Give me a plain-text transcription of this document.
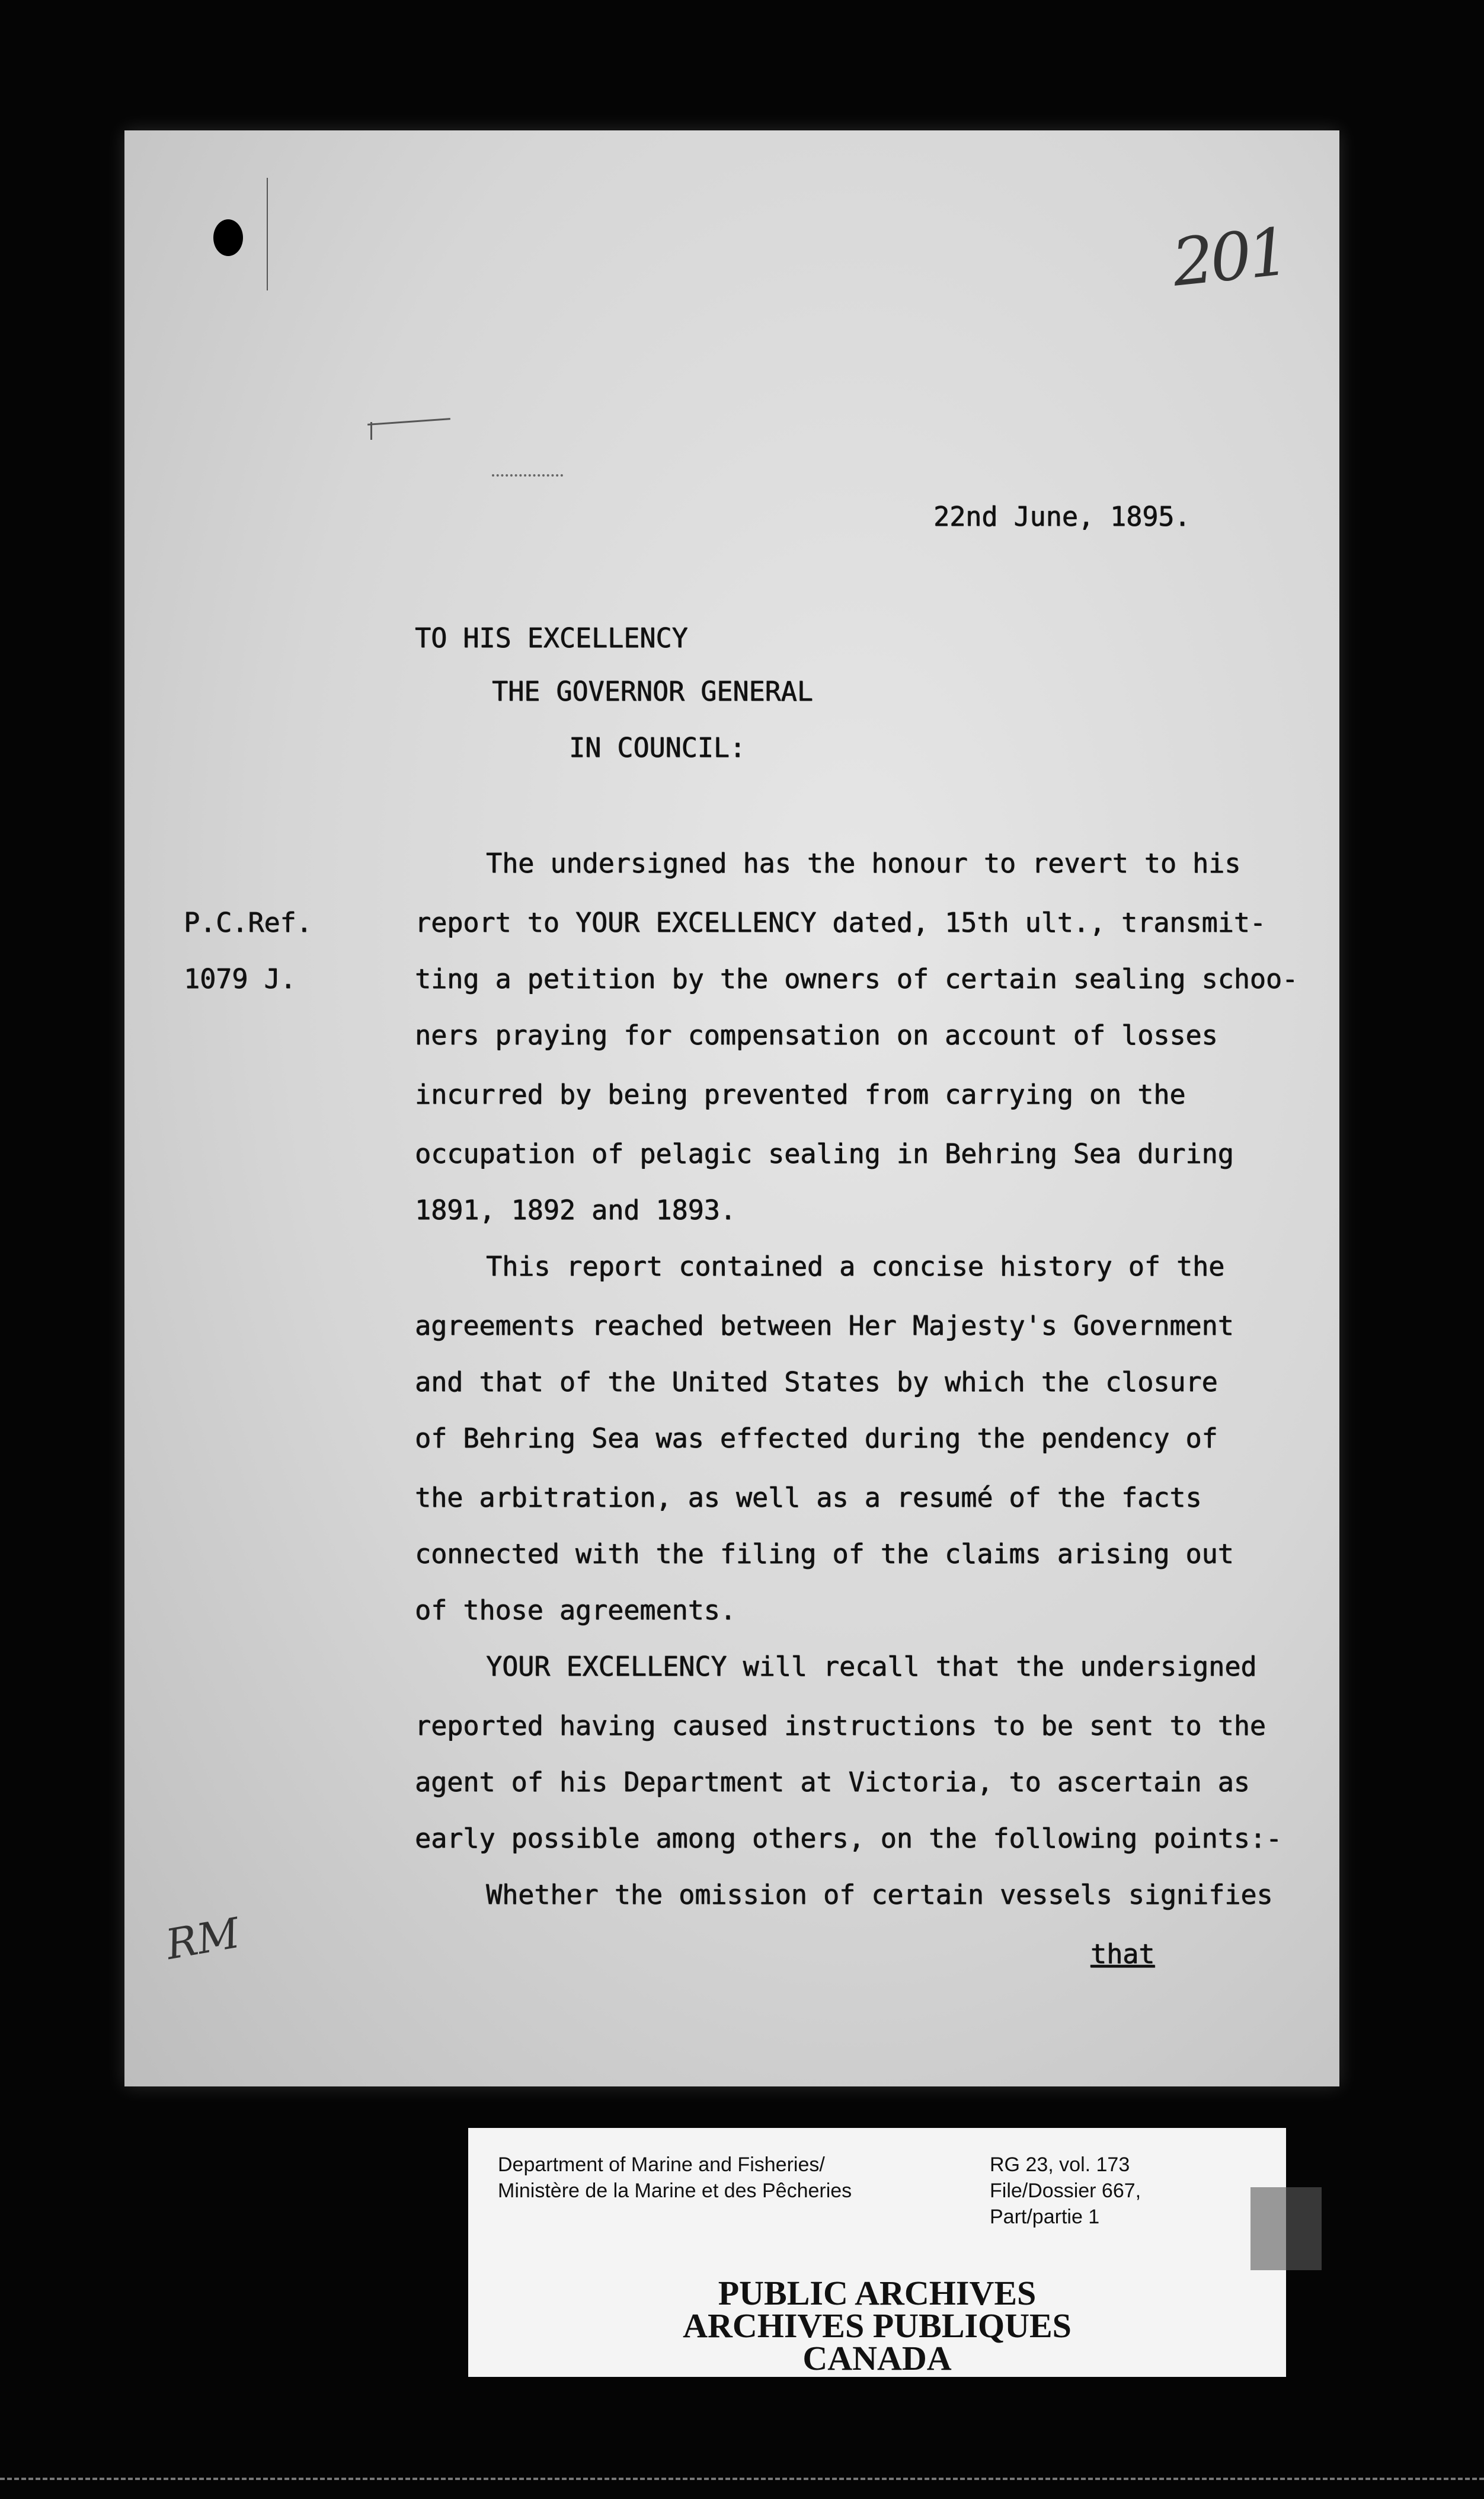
201
RM
22nd June, 1895.
TO HIS EXCELLENCY
THE GOVERNOR GENERAL
IN COUNCIL:
P.C.Ref.
1079 J.
The undersigned has the honour to revert to his
report to YOUR EXCELLENCY dated, 15th ult., transmit-
ting a petition by the owners of certain sealing schoo-
ners praying for compensation on account of losses
incurred by being prevented from carrying on the
occupation of pelagic sealing in Behring Sea during
1891, 1892 and 1893.
This report contained a concise history of the
agreements reached between Her Majesty's Government
and that of the United States by which the closure
of Behring Sea was effected during the pendency of
the arbitration, as well as a resumé of the facts
connected with the filing of the claims arising out
of those agreements.
YOUR EXCELLENCY will recall that the undersigned
reported having caused instructions to be sent to the
agent of his Department at Victoria, to ascertain as
early possible among others, on the following points:-
Whether the omission of certain vessels signifies
that
Department of Marine and Fisheries/
Ministère de la Marine et des Pêcheries
RG 23, vol. 173
File/Dossier 667,
Part/partie 1
PUBLIC ARCHIVES
ARCHIVES PUBLIQUES
CANADA
